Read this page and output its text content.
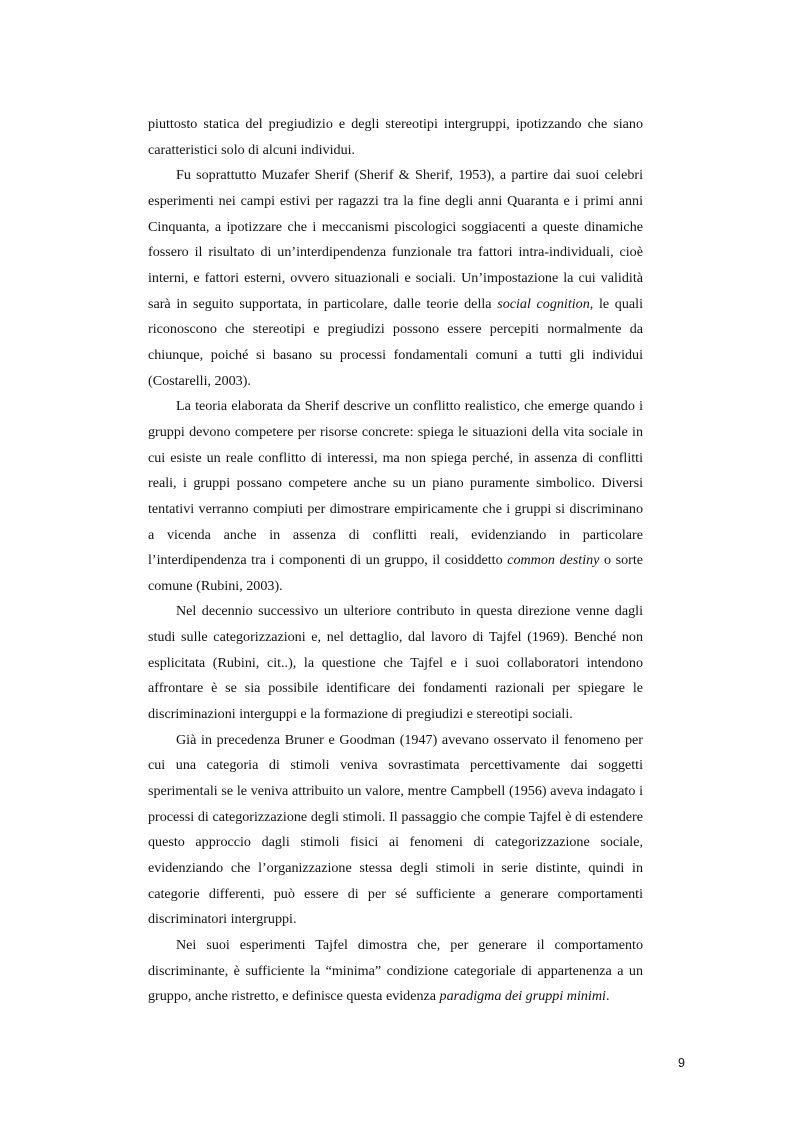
piuttosto statica del pregiudizio e degli stereotipi intergruppi, ipotizzando che siano caratteristici solo di alcuni individui.

Fu soprattutto Muzafer Sherif (Sherif & Sherif, 1953), a partire dai suoi celebri esperimenti nei campi estivi per ragazzi tra la fine degli anni Quaranta e i primi anni Cinquanta, a ipotizzare che i meccanismi piscologici soggiacenti a queste dinamiche fossero il risultato di un’interdipendenza funzionale tra fattori intra-individuali, cioè interni, e fattori esterni, ovvero situazionali e sociali. Un’impostazione la cui validità sarà in seguito supportata, in particolare, dalle teorie della social cognition, le quali riconoscono che stereotipi e pregiudizi possono essere percepiti normalmente da chiunque, poiché si basano su processi fondamentali comuni a tutti gli individui (Costarelli, 2003).

La teoria elaborata da Sherif descrive un conflitto realistico, che emerge quando i gruppi devono competere per risorse concrete: spiega le situazioni della vita sociale in cui esiste un reale conflitto di interessi, ma non spiega perché, in assenza di conflitti reali, i gruppi possano competere anche su un piano puramente simbolico. Diversi tentativi verranno compiuti per dimostrare empiricamente che i gruppi si discriminano a vicenda anche in assenza di conflitti reali, evidenziando in particolare l’interdipendenza tra i componenti di un gruppo, il cosiddetto common destiny o sorte comune (Rubini, 2003).

Nel decennio successivo un ulteriore contributo in questa direzione venne dagli studi sulle categorizzazioni e, nel dettaglio, dal lavoro di Tajfel (1969). Benché non esplicitata (Rubini, cit..), la questione che Tajfel e i suoi collaboratori intendono affrontare è se sia possibile identificare dei fondamenti razionali per spiegare le discriminazioni interguppi e la formazione di pregiudizi e stereotipi sociali.

Già in precedenza Bruner e Goodman (1947) avevano osservato il fenomeno per cui una categoria di stimoli veniva sovrastimata percettivamente dai soggetti sperimentali se le veniva attribuito un valore, mentre Campbell (1956) aveva indagato i processi di categorizzazione degli stimoli. Il passaggio che compie Tajfel è di estendere questo approccio dagli stimoli fisici ai fenomeni di categorizzazione sociale, evidenziando che l’organizzazione stessa degli stimoli in serie distinte, quindi in categorie differenti, può essere di per sé sufficiente a generare comportamenti discriminatori intergruppi.

Nei suoi esperimenti Tajfel dimostra che, per generare il comportamento discriminante, è sufficiente la “minima” condizione categoriale di appartenenza a un gruppo, anche ristretto, e definisce questa evidenza paradigma dei gruppi minimi.

9
